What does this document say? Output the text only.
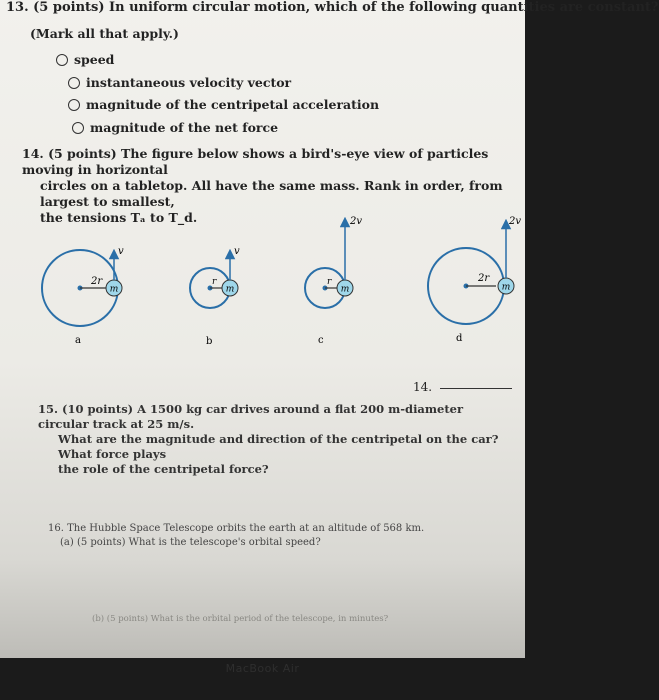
13. (5 points) In uniform circular motion, which of the following quantities are constant?
(Mark all that apply.)
speed
instantaneous velocity vector
magnitude of the centripetal acceleration
magnitude of the net force

14. (5 points) The figure below shows a bird's-eye view of particles moving in horizontal

circles on a tabletop. All have the same mass. Rank in order, from largest to smallest,

the tensions Tₐ to T_d.

m
v
2r
a
m
v
r
b
m
2v
r
c
m
2v
2r
d
14.

15. (10 points) A 1500 kg car drives around a flat 200 m-diameter circular track at 25 m/s.

What are the magnitude and direction of the centripetal on the car? What force plays

the role of the centripetal force?

16. The Hubble Space Telescope orbits the earth at an altitude of 568 km.

(a) (5 points) What is the telescope's orbital speed?

(b) (5 points) What is the orbital period of the telescope, in minutes?
MacBook Air
